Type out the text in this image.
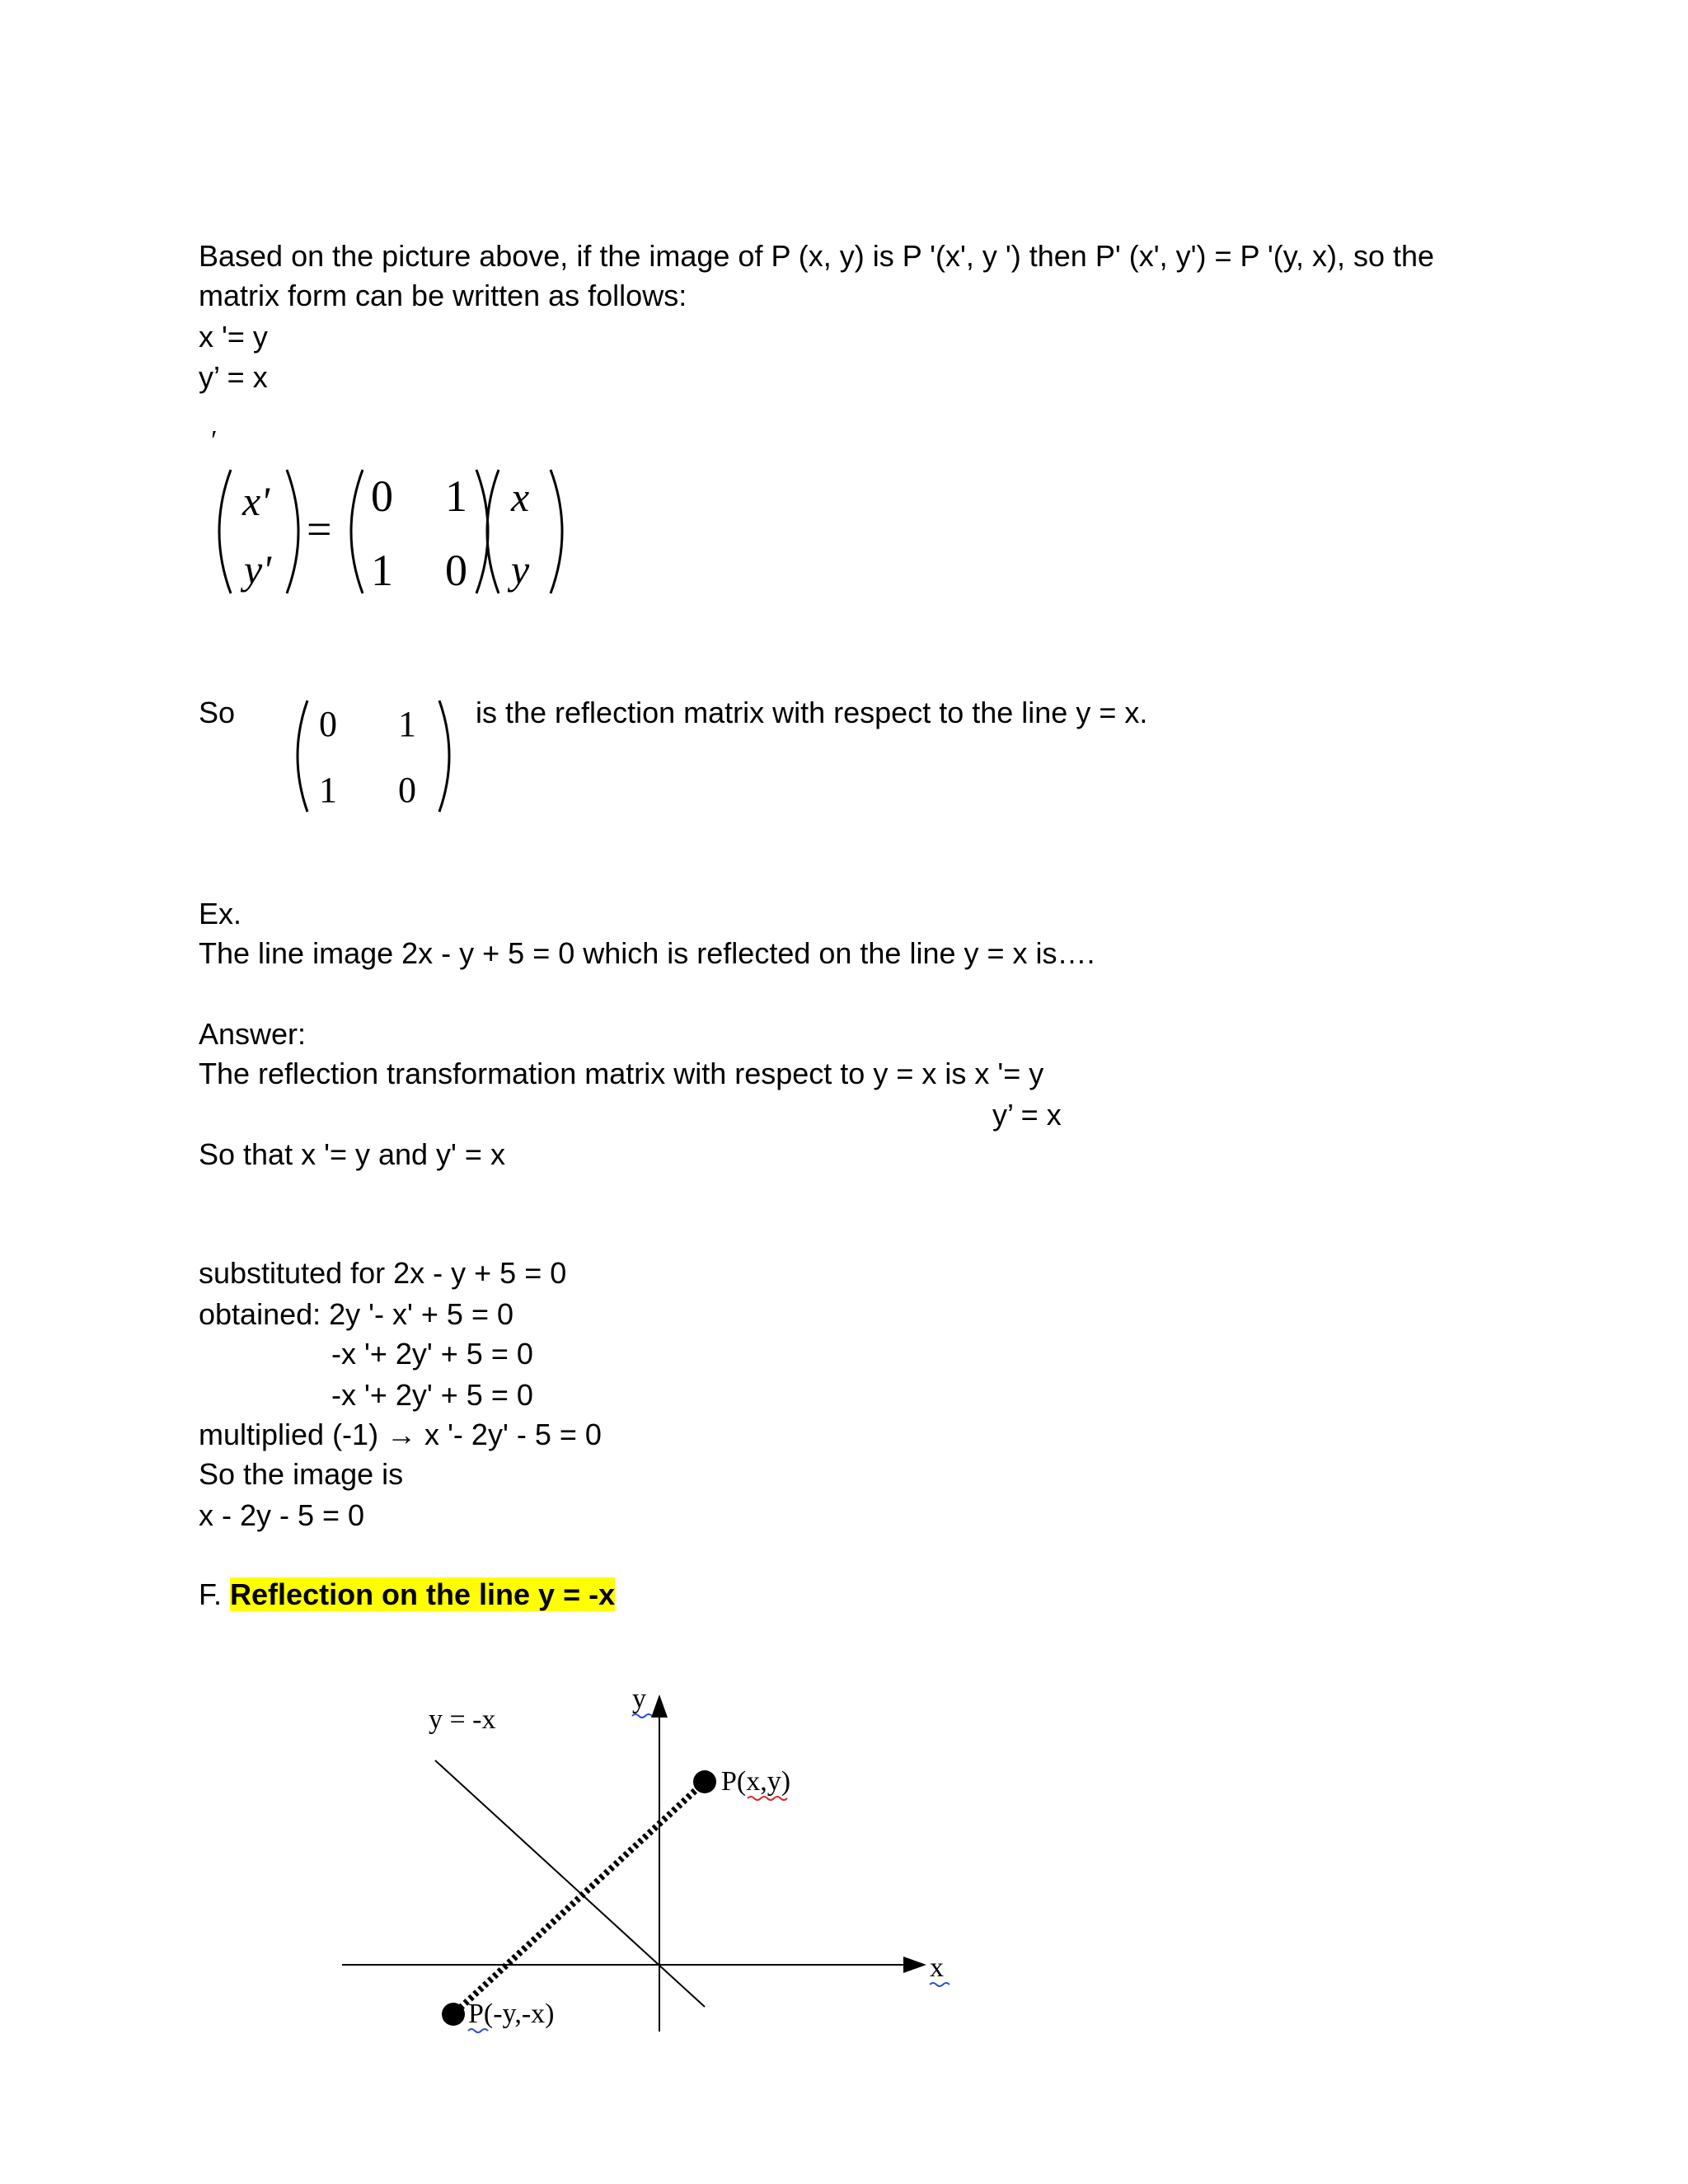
Based on the picture above, if the image of P (x, y) is P '(x', y ') then P' (x', y') = P '(y, x), so the

matrix form can be written as follows:

x '= y

y’ = x

′
x'
y'
=
0 1
1 0
x
y

So 0 1
1 0

is the reflection matrix with respect to the line y = x.

Ex.

The line image 2x - y + 5 = 0 which is reflected on the line y = x is….

Answer:

The reflection transformation matrix with respect to y = x is x '= y

y’ = x

So that x '= y and y' = x

substituted for 2x - y + 5 = 0

obtained: 2y '- x' + 5 = 0

-x '+ 2y' + 5 = 0

-x '+ 2y' + 5 = 0

multiplied (-1) → x '- 2y' - 5 = 0

So the image is

x - 2y - 5 = 0

F. Reflection on the line y = -x

y = -x
y
x
P(x,y)
P(-y,-x)
